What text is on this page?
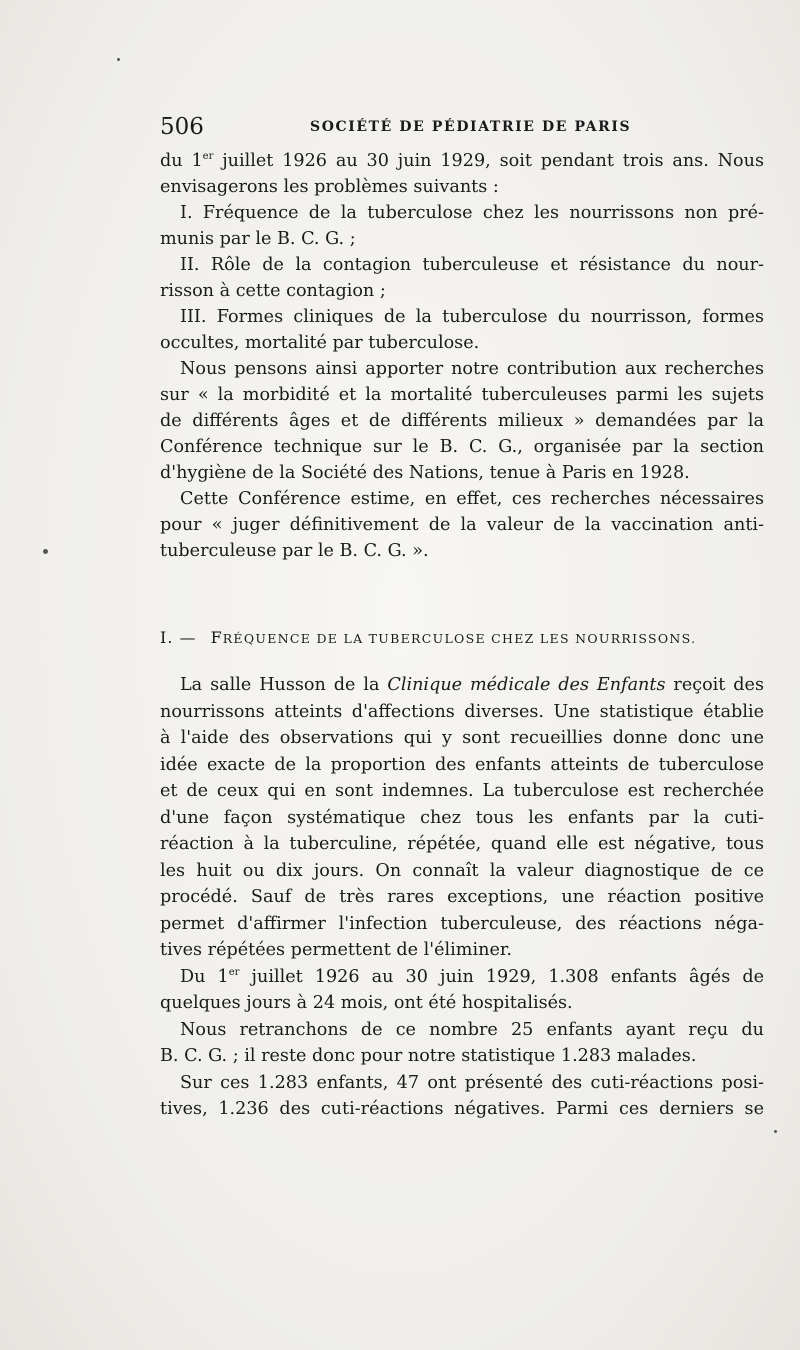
506	SOCIÉTÉ DE PÉDIATRIE DE PARIS
du 1er juillet 1926 au 30 juin 1929, soit pendant trois ans. Nous
envisagerons les problèmes suivants :
I. Fréquence de la tuberculose chez les nourrissons non pré-
munis par le B. C. G. ;
II. Rôle de la contagion tuberculeuse et résistance du nour-
risson à cette contagion ;
III. Formes cliniques de la tuberculose du nourrisson, formes
occultes, mortalité par tuberculose.
Nous pensons ainsi apporter notre contribution aux recherches
sur « la morbidité et la mortalité tuberculeuses parmi les sujets
de différents âges et de différents milieux » demandées par la
Conférence technique sur le B. C. G., organisée par la section
d'hygiène de la Société des Nations, tenue à Paris en 1928.
Cette Conférence estime, en effet, ces recherches nécessaires
pour « juger définitivement de la valeur de la vaccination anti-
tuberculeuse par le B. C. G. ».
I. — FRÉQUENCE DE LA TUBERCULOSE CHEZ LES NOURRISSONS.
La salle Husson de la Clinique médicale des Enfants reçoit des
nourrissons atteints d'affections diverses. Une statistique établie
à l'aide des observations qui y sont recueillies donne donc une
idée exacte de la proportion des enfants atteints de tuberculose
et de ceux qui en sont indemnes. La tuberculose est recherchée
d'une façon systématique chez tous les enfants par la cuti-
réaction à la tuberculine, répétée, quand elle est négative, tous
les huit ou dix jours. On connaît la valeur diagnostique de ce
procédé. Sauf de très rares exceptions, une réaction positive
permet d'affirmer l'infection tuberculeuse, des réactions néga-
tives répétées permettent de l'éliminer.
Du 1er juillet 1926 au 30 juin 1929, 1.308 enfants âgés de
quelques jours à 24 mois, ont été hospitalisés.
Nous retranchons de ce nombre 25 enfants ayant reçu du
B. C. G. ; il reste donc pour notre statistique 1.283 malades.
Sur ces 1.283 enfants, 47 ont présenté des cuti-réactions posi-
tives, 1.236 des cuti-réactions négatives. Parmi ces derniers se
